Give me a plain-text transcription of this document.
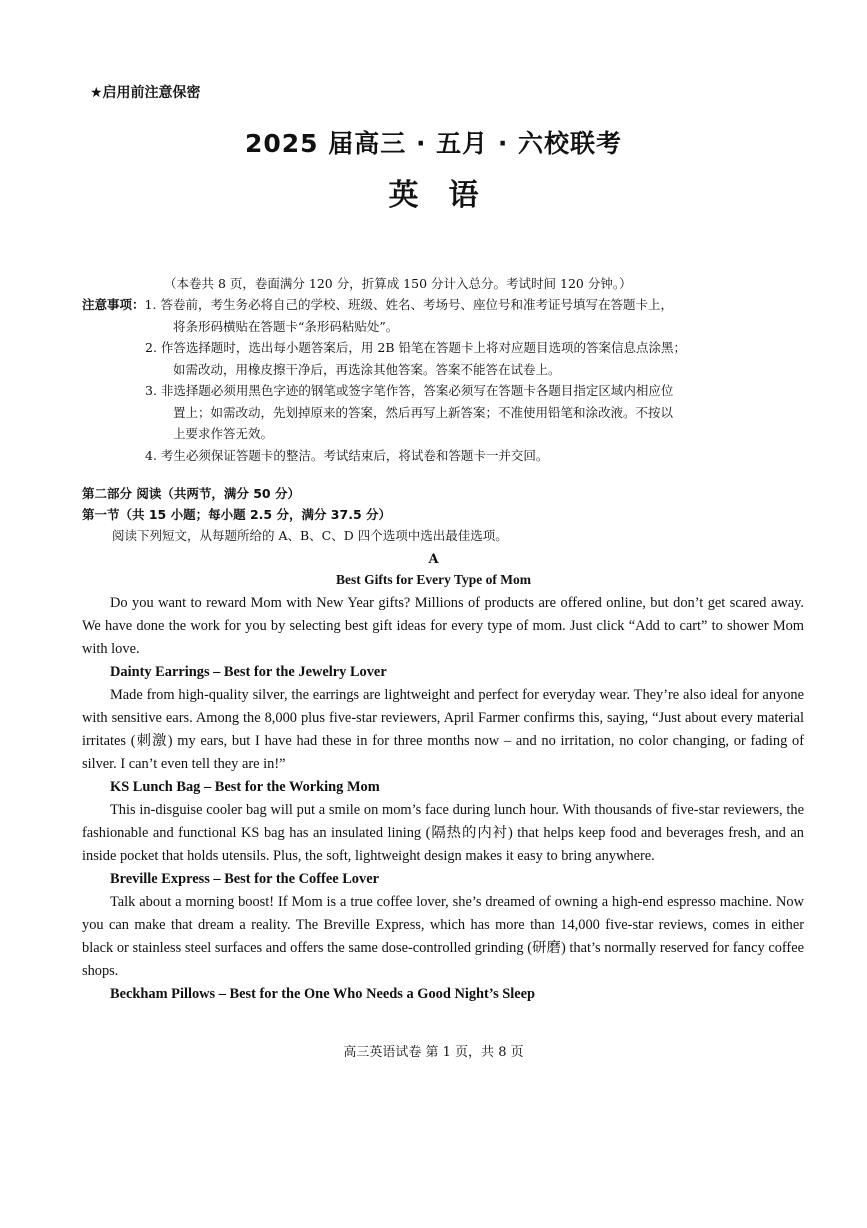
★启用前注意保密
2025 届高三 · 五月 · 六校联考
英语
（本卷共 8 页，卷面满分 120 分，折算成 150 分计入总分。考试时间 120 分钟。）
注意事项：1. 答卷前，考生务必将自己的学校、班级、姓名、考场号、座位号和准考证号填写在答题卡上，
将条形码横贴在答题卡“条形码粘贴处”。
2. 作答选择题时，选出每小题答案后，用 2B 铅笔在答题卡上将对应题目选项的答案信息点涂黑；
如需改动，用橡皮擦干净后，再选涂其他答案。答案不能答在试卷上。
3. 非选择题必须用黑色字迹的钢笔或签字笔作答，答案必须写在答题卡各题目指定区域内相应位
置上；如需改动，先划掉原来的答案，然后再写上新答案；不准使用铅笔和涂改液。不按以
上要求作答无效。
4. 考生必须保证答题卡的整洁。考试结束后，将试卷和答题卡一并交回。
第二部分 阅读（共两节，满分 50 分）
第一节（共 15 小题；每小题 2.5 分，满分 37.5 分）
阅读下列短文，从每题所给的 A、B、C、D 四个选项中选出最佳选项。
A
Best Gifts for Every Type of Mom

Do you want to reward Mom with New Year gifts? Millions of products are offered online, but don’t get scared away. We have done the work for you by selecting best gift ideas for every type of mom. Just click “Add to cart” to shower Mom with love.

Dainty Earrings – Best for the Jewelry Lover

Made from high-quality silver, the earrings are lightweight and perfect for everyday wear. They’re also ideal for anyone with sensitive ears. Among the 8,000 plus five-star reviewers, April Farmer confirms this, saying, “Just about every material irritates (刺激) my ears, but I have had these in for three months now – and no irritation, no color changing, or fading of silver. I can’t even tell they are in!”

KS Lunch Bag – Best for the Working Mom

This in-disguise cooler bag will put a smile on mom’s face during lunch hour. With thousands of five-star reviewers, the fashionable and functional KS bag has an insulated lining (隔热的内衬) that helps keep food and beverages fresh, and an inside pocket that holds utensils. Plus, the soft, lightweight design makes it easy to bring anywhere.

Breville Express – Best for the Coffee Lover

Talk about a morning boost! If Mom is a true coffee lover, she’s dreamed of owning a high-end espresso machine. Now you can make that dream a reality. The Breville Express, which has more than 14,000 five-star reviews, comes in either black or stainless steel surfaces and offers the same dose-controlled grinding (研磨) that’s normally reserved for fancy coffee shops.

Beckham Pillows – Best for the One Who Needs a Good Night’s Sleep

高三英语试卷 第 1 页，共 8 页
